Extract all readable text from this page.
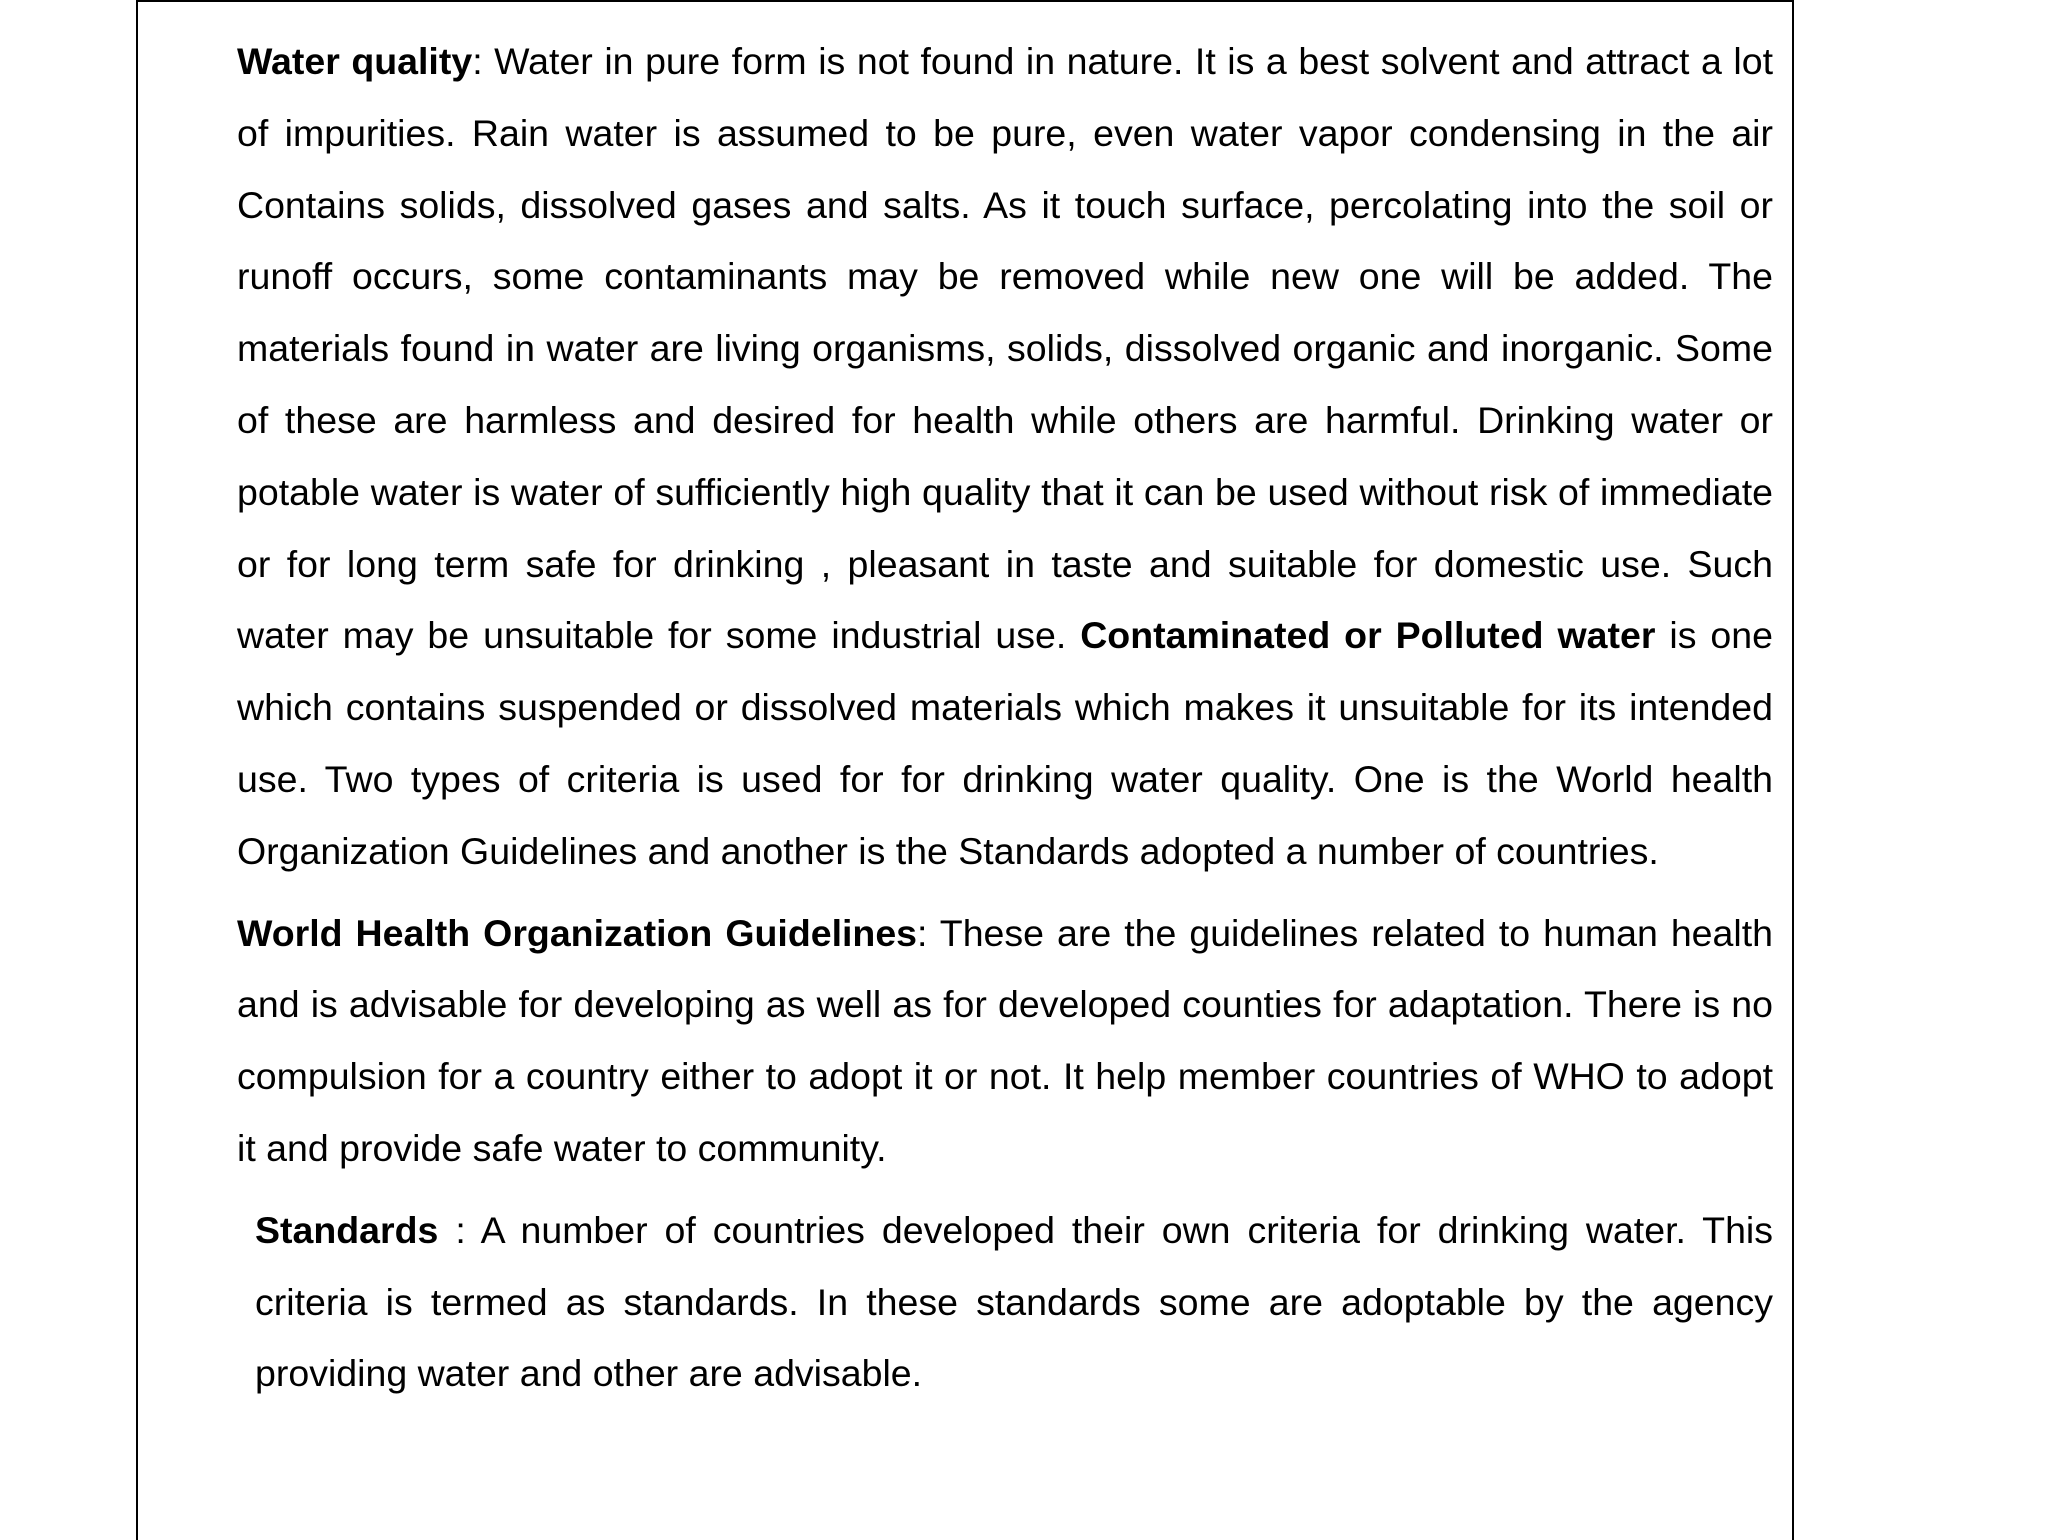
Water quality: Water in pure form is not found in nature. It is a best solvent and attract a lot of impurities. Rain water is assumed to be pure, even water vapor condensing in the air Contains solids, dissolved gases and salts. As it touch surface, percolating into the soil or runoff occurs, some contaminants may be removed while new one will be added. The materials found in water are living organisms, solids, dissolved organic and inorganic. Some of these are harmless and desired for health while others are harmful. Drinking water or potable water is water of sufficiently high quality that it can be used without risk of immediate or for long term safe for drinking , pleasant in taste and suitable for domestic use. Such water may be unsuitable for some industrial use. Contaminated or Polluted water is one which contains suspended or dissolved materials which makes it unsuitable for its intended use. Two types of criteria is used for for drinking water quality. One is the World health Organization Guidelines and another is the Standards adopted a number of countries.

World Health Organization Guidelines: These are the guidelines related to human health and is advisable for developing as well as for developed counties for adaptation. There is no compulsion for a country either to adopt it or not. It help member countries of WHO to adopt it and provide safe water to community.

Standards : A number of countries developed their own criteria for drinking water. This criteria is termed as standards. In these standards some are adoptable by the agency providing water and other are advisable.
